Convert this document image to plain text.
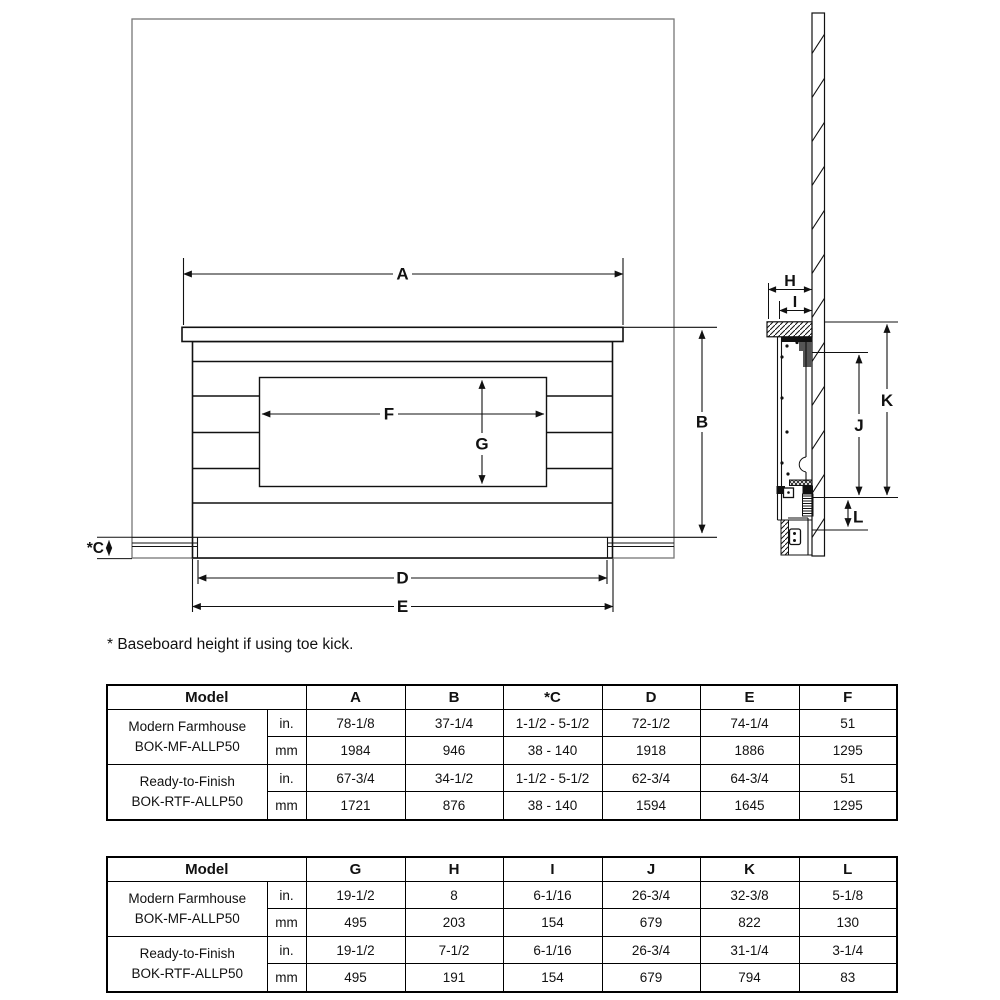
A
B
*C
D
E
F
G
H
I
J
K
L
* Baseboard height if using toe kick.
Model		A	B	*C	D	E	F

Modern Farmhouse
BOK-MF-ALLP50	in.	78-1/8	37-1/4	1-1/2 - 5-1/2	72-1/2	74-1/4	51
	mm	1984	946	38 - 140	1918	1886	1295

Ready-to-Finish
BOK-RTF-ALLP50	in.	67-3/4	34-1/2	1-1/2 - 5-1/2	62-3/4	64-3/4	51
	mm	1721	876	38 - 140	1594	1645	1295
Model		G	H	I	J	K	L

Modern Farmhouse
BOK-MF-ALLP50	in.	19-1/2	8	6-1/16	26-3/4	32-3/8	5-1/8
	mm	495	203	154	679	822	130

Ready-to-Finish
BOK-RTF-ALLP50	in.	19-1/2	7-1/2	6-1/16	26-3/4	31-1/4	3-1/4
	mm	495	191	154	679	794	83
